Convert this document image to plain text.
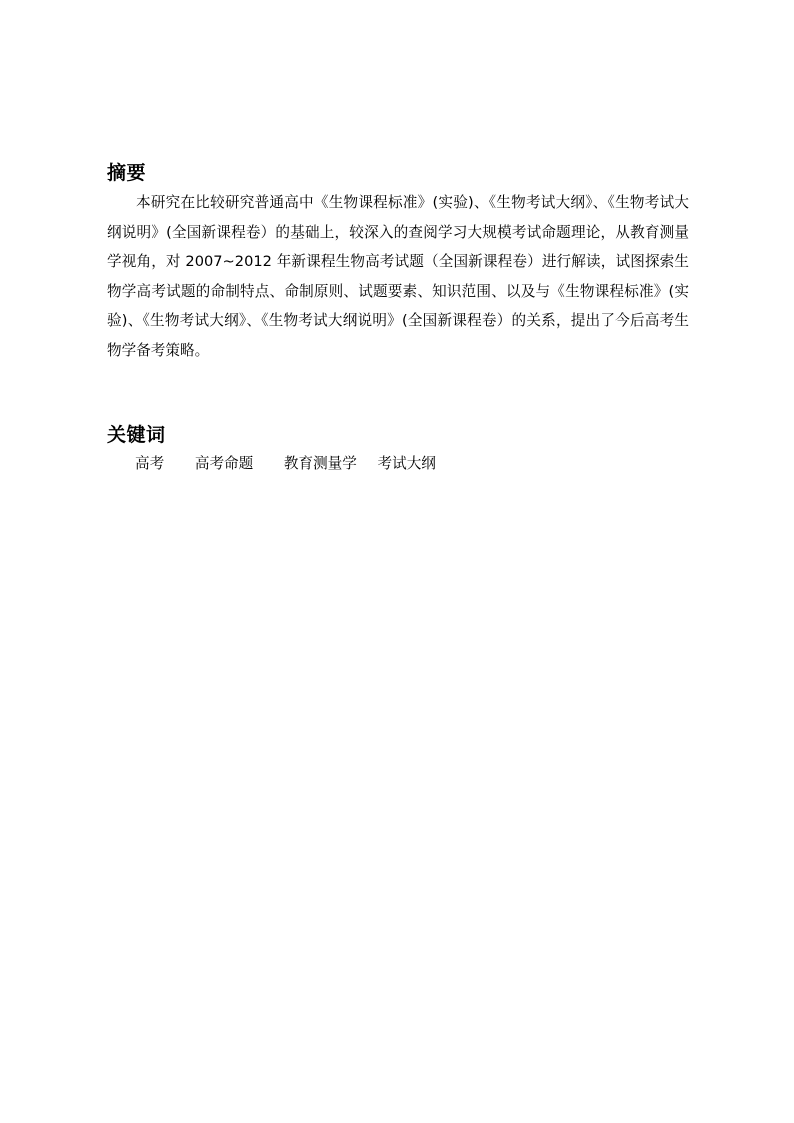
摘要
本研究在比较研究普通高中《生物课程标准》(实验)、《生物考试大纲》、《生物考试大纲说明》(全国新课程卷）的基础上，较深入的查阅学习大规模考试命题理论，从教育测量学视角，对 2007~2012 年新课程生物高考试题（全国新课程卷）进行解读，试图探索生物学高考试题的命制特点、命制原则、试题要素、知识范围、以及与《生物课程标准》(实验)、《生物考试大纲》、《生物考试大纲说明》(全国新课程卷）的关系，提出了今后高考生物学备考策略。
关键词
高考 高考命题 教育测量学 考试大纲
